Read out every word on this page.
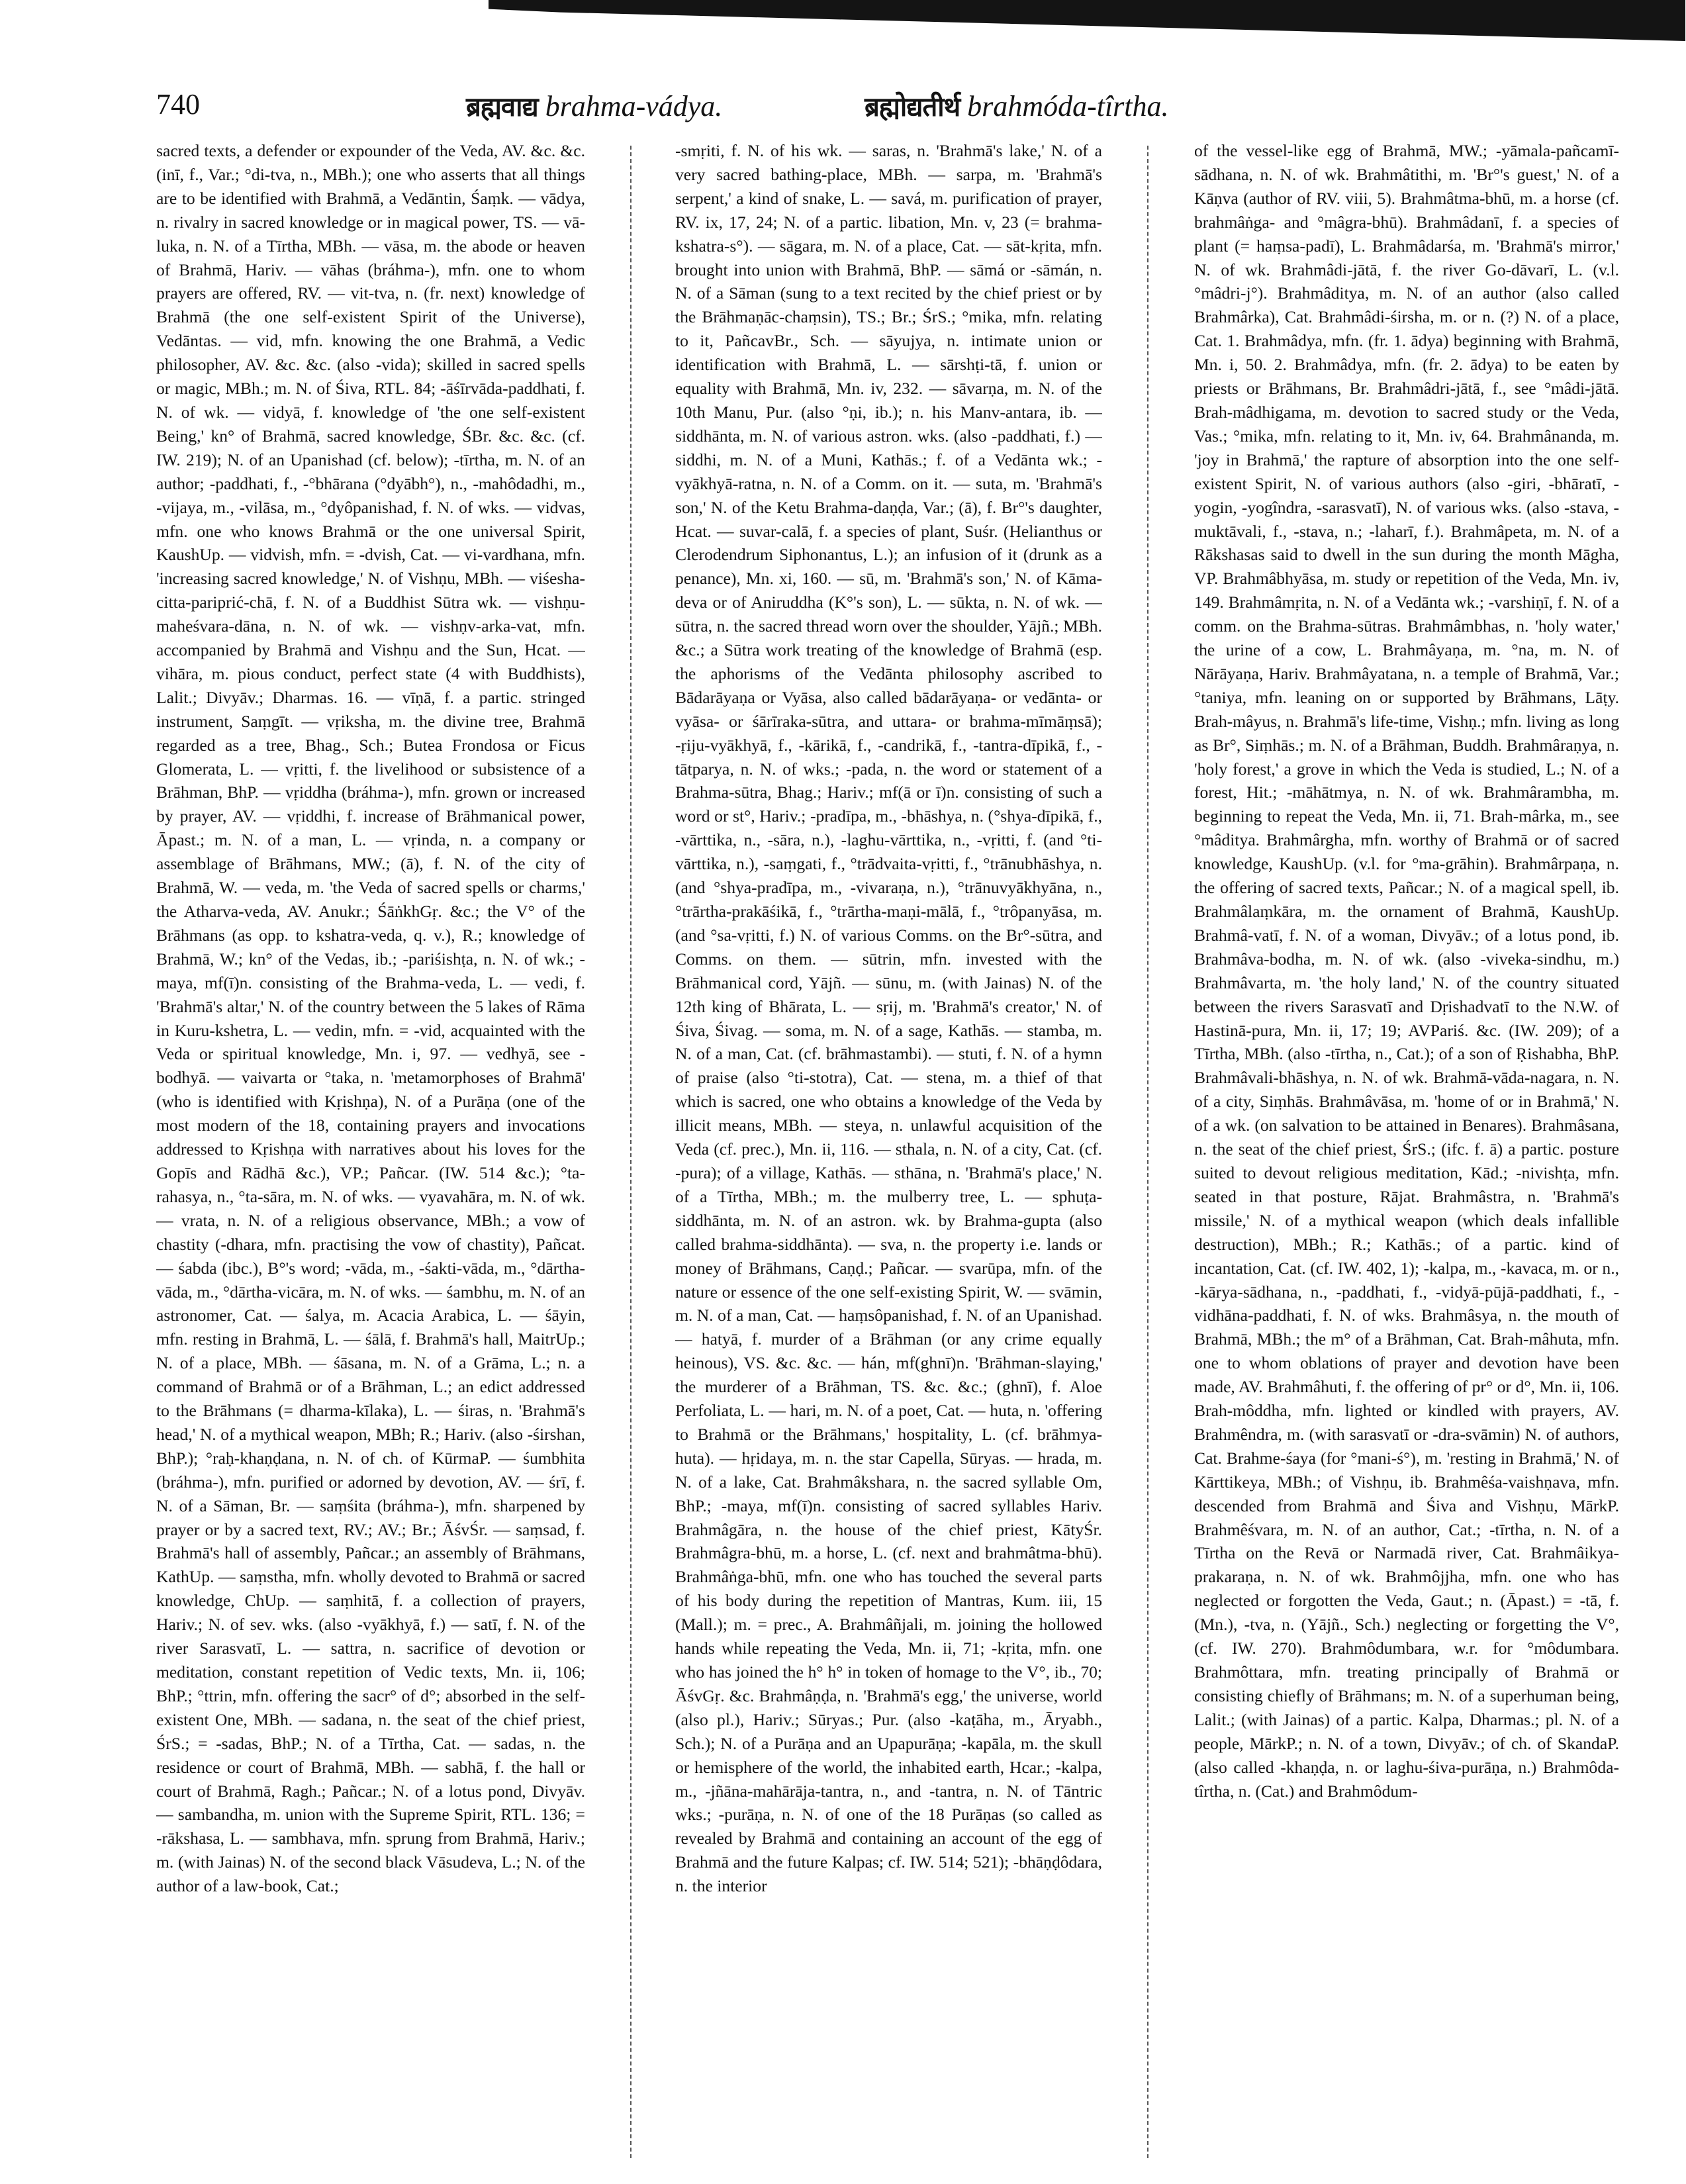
740	ब्रह्मवाद्य brahma-vádya.	ब्रह्मोद्यतीर्थ brahmóda-tîrtha.
sacred texts, a defender or expounder of the Veda, AV. &c. &c. (inī, f., Var.; °di-tva, n., MBh.); one who asserts that all things are to be identified with Brahmā, a Vedāntin, Śaṃk. — vādya, n. rivalry in sacred knowledge or in magical power, TS. — vā-luka, n. N. of a Tīrtha, MBh. — vāsa, m. the abode or heaven of Brahmā, Hariv. — vāhas (bráhma-), mfn. one to whom prayers are offered, RV. — vit-tva, n. (fr. next) knowledge of Brahmā (the one self-existent Spirit of the Universe), Vedāntas. — vid, mfn. knowing the one Brahmā, a Vedic philosopher, AV. &c. &c. (also -vida); skilled in sacred spells or magic, MBh.; m. N. of Śiva, RTL. 84; -āśīrvāda-paddhati, f. N. of wk. — vidyā, f. knowledge of 'the one self-existent Being,' kn° of Brahmā, sacred knowledge, ŚBr. &c. &c. (cf. IW. 219); N. of an Upanishad (cf. below); -tīrtha, m. N. of an author; -paddhati, f., -°bhārana (°dyābh°), n., -mahôdadhi, m., -vijaya, m., -vilāsa, m., °dyôpanishad, f. N. of wks. — vidvas, mfn. one who knows Brahmā or the one universal Spirit, KaushUp. — vidvish, mfn. = -dvish, Cat. — vi-vardhana, mfn. 'increasing sacred knowledge,' N. of Vishṇu, MBh. — viśesha-citta-pariprić-chā, f. N. of a Buddhist Sūtra wk. — vishṇu-maheśvara-dāna, n. N. of wk. — vishṇv-arka-vat, mfn. accompanied by Brahmā and Vishṇu and the Sun, Hcat. — vihāra, m. pious conduct, perfect state (4 with Buddhists), Lalit.; Divyāv.; Dharmas. 16. — vīṇā, f. a partic. stringed instrument, Saṃgīt. — vṛiksha, m. the divine tree, Brahmā regarded as a tree, Bhag., Sch.; Butea Frondosa or Ficus Glomerata, L. — vṛitti, f. the livelihood or subsistence of a Brāhman, BhP. — vṛiddha (bráhma-), mfn. grown or increased by prayer, AV. — vṛiddhi, f. increase of Brāhmanical power, Āpast.; m. N. of a man, L. — vṛinda, n. a company or assemblage of Brāhmans, MW.; (ā), f. N. of the city of Brahmā, W. — veda, m. 'the Veda of sacred spells or charms,' the Atharva-veda, AV. Anukr.; ŚāṅkhGṛ. &c.; the V° of the Brāhmans (as opp. to kshatra-veda, q. v.), R.; knowledge of Brahmā, W.; kn° of the Vedas, ib.; -pariśishṭa, n. N. of wk.; -maya, mf(ī)n. consisting of the Brahma-veda, L. — vedi, f. 'Brahmā's altar,' N. of the country between the 5 lakes of Rāma in Kuru-kshetra, L. — vedin, mfn. = -vid, acquainted with the Veda or spiritual knowledge, Mn. i, 97. — vedhyā, see -bodhyā. — vaivarta or °taka, n. 'metamorphoses of Brahmā' (who is identified with Kṛishṇa), N. of a Purāṇa (one of the most modern of the 18, containing prayers and invocations addressed to Kṛishṇa with narratives about his loves for the Gopīs and Rādhā &c.), VP.; Pañcar. (IW. 514 &c.); °ta-rahasya, n., °ta-sāra, m. N. of wks. — vyavahāra, m. N. of wk. — vrata, n. N. of a religious observance, MBh.; a vow of chastity (-dhara, mfn. practising the vow of chastity), Pañcat. — śabda (ibc.), B°'s word; -vāda, m., -śakti-vāda, m., °dārtha-vāda, m., °dārtha-vicāra, m. N. of wks. — śambhu, m. N. of an astronomer, Cat. — śalya, m. Acacia Arabica, L. — śāyin, mfn. resting in Brahmā, L. — śālā, f. Brahmā's hall, MaitrUp.; N. of a place, MBh. — śāsana, m. N. of a Grāma, L.; n. a command of Brahmā or of a Brāhman, L.; an edict addressed to the Brāhmans (= dharma-kīlaka), L. — śiras, n. 'Brahmā's head,' N. of a mythical weapon, MBh; R.; Hariv. (also -śirshan, BhP.); °raḥ-khaṇḍana, n. N. of ch. of KūrmaP. — śumbhita (bráhma-), mfn. purified or adorned by devotion, AV. — śrī, f. N. of a Sāman, Br. — saṃśita (bráhma-), mfn. sharpened by prayer or by a sacred text, RV.; AV.; Br.; ĀśvŚr. — saṃsad, f. Brahmā's hall of assembly, Pañcar.; an assembly of Brāhmans, KathUp. — saṃstha, mfn. wholly devoted to Brahmā or sacred knowledge, ChUp. — saṃhitā, f. a collection of prayers, Hariv.; N. of sev. wks. (also -vyākhyā, f.) — satī, f. N. of the river Sarasvatī, L. — sattra, n. sacrifice of devotion or meditation, constant repetition of Vedic texts, Mn. ii, 106; BhP.; °ttrin, mfn. offering the sacr° of d°; absorbed in the self-existent One, MBh. — sadana, n. the seat of the chief priest, ŚrS.; = -sadas, BhP.; N. of a Tīrtha, Cat. — sadas, n. the residence or court of Brahmā, MBh. — sabhā, f. the hall or court of Brahmā, Ragh.; Pañcar.; N. of a lotus pond, Divyāv. — sambandha, m. union with the Supreme Spirit, RTL. 136; = -rākshasa, L. — sambhava, mfn. sprung from Brahmā, Hariv.; m. (with Jainas) N. of the second black Vāsudeva, L.; N. of the author of a law-book, Cat.;
-smṛiti, f. N. of his wk. — saras, n. 'Brahmā's lake,' N. of a very sacred bathing-place, MBh. — sarpa, m. 'Brahmā's serpent,' a kind of snake, L. — savá, m. purification of prayer, RV. ix, 17, 24; N. of a partic. libation, Mn. v, 23 (= brahma-kshatra-s°). — sāgara, m. N. of a place, Cat. — sāt-kṛita, mfn. brought into union with Brahmā, BhP. — sāmá or -sāmán, n. N. of a Sāman (sung to a text recited by the chief priest or by the Brāhmaṇāc-chaṃsin), TS.; Br.; ŚrS.; °mika, mfn. relating to it, PañcavBr., Sch. — sāyujya, n. intimate union or identification with Brahmā, L. — sārshṭi-tā, f. union or equality with Brahmā, Mn. iv, 232. — sāvarṇa, m. N. of the 10th Manu, Pur. (also °ṇi, ib.); n. his Manv-antara, ib. — siddhānta, m. N. of various astron. wks. (also -paddhati, f.) — siddhi, m. N. of a Muni, Kathās.; f. of a Vedānta wk.; -vyākhyā-ratna, n. N. of a Comm. on it. — suta, m. 'Brahmā's son,' N. of the Ketu Brahma-daṇḍa, Var.; (ā), f. Br°'s daughter, Hcat. — suvar-calā, f. a species of plant, Suśr. (Helianthus or Clerodendrum Siphonantus, L.); an infusion of it (drunk as a penance), Mn. xi, 160. — sū, m. 'Brahmā's son,' N. of Kāma-deva or of Aniruddha (K°'s son), L. — sūkta, n. N. of wk. — sūtra, n. the sacred thread worn over the shoulder, Yājñ.; MBh. &c.; a Sūtra work treating of the knowledge of Brahmā (esp. the aphorisms of the Vedānta philosophy ascribed to Bādarāyaṇa or Vyāsa, also called bādarāyaṇa- or vedānta- or vyāsa- or śārīraka-sūtra, and uttara- or brahma-mīmāṃsā); -ṛiju-vyākhyā, f., -kārikā, f., -candrikā, f., -tantra-dīpikā, f., -tātparya, n. N. of wks.; -pada, n. the word or statement of a Brahma-sūtra, Bhag.; Hariv.; mf(ā or ī)n. consisting of such a word or st°, Hariv.; -pradīpa, m., -bhāshya, n. (°shya-dīpikā, f., -vārttika, n., -sāra, n.), -laghu-vārttika, n., -vṛitti, f. (and °ti-vārttika, n.), -saṃgati, f., °trādvaita-vṛitti, f., °trānubhāshya, n. (and °shya-pradīpa, m., -vivaraṇa, n.), °trānuvyākhyāna, n., °trārtha-prakāśikā, f., °trārtha-maṇi-mālā, f., °trôpanyāsa, m. (and °sa-vṛitti, f.) N. of various Comms. on the Br°-sūtra, and Comms. on them. — sūtrin, mfn. invested with the Brāhmanical cord, Yājñ. — sūnu, m. (with Jainas) N. of the 12th king of Bhārata, L. — sṛij, m. 'Brahmā's creator,' N. of Śiva, Śivag. — soma, m. N. of a sage, Kathās. — stamba, m. N. of a man, Cat. (cf. brāhmastambi). — stuti, f. N. of a hymn of praise (also °ti-stotra), Cat. — stena, m. a thief of that which is sacred, one who obtains a knowledge of the Veda by illicit means, MBh. — steya, n. unlawful acquisition of the Veda (cf. prec.), Mn. ii, 116. — sthala, n. N. of a city, Cat. (cf. -pura); of a village, Kathās. — sthāna, n. 'Brahmā's place,' N. of a Tīrtha, MBh.; m. the mulberry tree, L. — sphuṭa-siddhānta, m. N. of an astron. wk. by Brahma-gupta (also called brahma-siddhānta). — sva, n. the property i.e. lands or money of Brāhmans, Caṇḍ.; Pañcar. — svarūpa, mfn. of the nature or essence of the one self-existing Spirit, W. — svāmin, m. N. of a man, Cat. — haṃsôpanishad, f. N. of an Upanishad. — hatyā, f. murder of a Brāhman (or any crime equally heinous), VS. &c. &c. — hán, mf(ghnī)n. 'Brāhman-slaying,' the murderer of a Brāhman, TS. &c. &c.; (ghnī), f. Aloe Perfoliata, L. — hari, m. N. of a poet, Cat. — huta, n. 'offering to Brahmā or the Brāhmans,' hospitality, L. (cf. brāhmya-huta). — hṛidaya, m. n. the star Capella, Sūryas. — hrada, m. N. of a lake, Cat. Brahmâkshara, n. the sacred syllable Om, BhP.; -maya, mf(ī)n. consisting of sacred syllables Hariv. Brahmâgāra, n. the house of the chief priest, KātyŚr. Brahmâgra-bhū, m. a horse, L. (cf. next and brahmâtma-bhū). Brahmâṅga-bhū, mfn. one who has touched the several parts of his body during the repetition of Mantras, Kum. iii, 15 (Mall.); m. = prec., A. Brahmâñjali, m. joining the hollowed hands while repeating the Veda, Mn. ii, 71; -kṛita, mfn. one who has joined the h° h° in token of homage to the V°, ib., 70; ĀśvGṛ. &c. Brahmâṇḍa, n. 'Brahmā's egg,' the universe, world (also pl.), Hariv.; Sūryas.; Pur. (also -kaṭāha, m., Āryabh., Sch.); N. of a Purāṇa and an Upapurāṇa; -kapāla, m. the skull or hemisphere of the world, the inhabited earth, Hcar.; -kalpa, m., -jñāna-mahārāja-tantra, n., and -tantra, n. N. of Tāntric wks.; -purāṇa, n. N. of one of the 18 Purāṇas (so called as revealed by Brahmā and containing an account of the egg of Brahmā and the future Kalpas; cf. IW. 514; 521); -bhāṇḍôdara, n. the interior
of the vessel-like egg of Brahmā, MW.; -yāmala-pañcamī-sādhana, n. N. of wk. Brahmâtithi, m. 'Br°'s guest,' N. of a Kāṇva (author of RV. viii, 5). Brahmâtma-bhū, m. a horse (cf. brahmâṅga- and °mâgra-bhū). Brahmâdanī, f. a species of plant (= haṃsa-padī), L. Brahmâdarśa, m. 'Brahmā's mirror,' N. of wk. Brahmâdi-jātā, f. the river Go-dāvarī, L. (v.l. °mâdri-j°). Brahmâditya, m. N. of an author (also called Brahmârka), Cat. Brahmâdi-śirsha, m. or n. (?) N. of a place, Cat. 1. Brahmâdya, mfn. (fr. 1. ādya) beginning with Brahmā, Mn. i, 50. 2. Brahmâdya, mfn. (fr. 2. ādya) to be eaten by priests or Brāhmans, Br. Brahmâdri-jātā, f., see °mâdi-jātā. Brah-mâdhigama, m. devotion to sacred study or the Veda, Vas.; °mika, mfn. relating to it, Mn. iv, 64. Brahmânanda, m. 'joy in Brahmā,' the rapture of absorption into the one self-existent Spirit, N. of various authors (also -giri, -bhāratī, -yogin, -yogîndra, -sarasvatī), N. of various wks. (also -stava, -muktāvali, f., -stava, n.; -laharī, f.). Brahmâpeta, m. N. of a Rākshasas said to dwell in the sun during the month Māgha, VP. Brahmâbhyāsa, m. study or repetition of the Veda, Mn. iv, 149. Brahmâmṛita, n. N. of a Vedānta wk.; -varshiṇī, f. N. of a comm. on the Brahma-sūtras. Brahmâmbhas, n. 'holy water,' the urine of a cow, L. Brahmâyaṇa, m. °na, m. N. of Nārāyaṇa, Hariv. Brahmâyatana, n. a temple of Brahmā, Var.; °taniya, mfn. leaning on or supported by Brāhmans, Lāṭy. Brah-mâyus, n. Brahmā's life-time, Vishṇ.; mfn. living as long as Br°, Siṃhās.; m. N. of a Brāhman, Buddh. Brahmâraṇya, n. 'holy forest,' a grove in which the Veda is studied, L.; N. of a forest, Hit.; -māhātmya, n. N. of wk. Brahmârambha, m. beginning to repeat the Veda, Mn. ii, 71. Brah-mârka, m., see °mâditya. Brahmârgha, mfn. worthy of Brahmā or of sacred knowledge, KaushUp. (v.l. for °ma-grāhin). Brahmârpaṇa, n. the offering of sacred texts, Pañcar.; N. of a magical spell, ib. Brahmâlaṃkāra, m. the ornament of Brahmā, KaushUp. Brahmâ-vatī, f. N. of a woman, Divyāv.; of a lotus pond, ib. Brahmâva-bodha, m. N. of wk. (also -viveka-sindhu, m.) Brahmâvarta, m. 'the holy land,' N. of the country situated between the rivers Sarasvatī and Dṛishadvatī to the N.W. of Hastinā-pura, Mn. ii, 17; 19; AVPariś. &c. (IW. 209); of a Tīrtha, MBh. (also -tīrtha, n., Cat.); of a son of Ṛishabha, BhP. Brahmâvali-bhāshya, n. N. of wk. Brahmā-vāda-nagara, n. N. of a city, Siṃhās. Brahmâvāsa, m. 'home of or in Brahmā,' N. of a wk. (on salvation to be attained in Benares). Brahmâsana, n. the seat of the chief priest, ŚrS.; (ifc. f. ā) a partic. posture suited to devout religious meditation, Kād.; -nivishṭa, mfn. seated in that posture, Rājat. Brahmâstra, n. 'Brahmā's missile,' N. of a mythical weapon (which deals infallible destruction), MBh.; R.; Kathās.; of a partic. kind of incantation, Cat. (cf. IW. 402, 1); -kalpa, m., -kavaca, m. or n., -kārya-sādhana, n., -paddhati, f., -vidyā-pūjā-paddhati, f., -vidhāna-paddhati, f. N. of wks. Brahmâsya, n. the mouth of Brahmā, MBh.; the m° of a Brāhman, Cat. Brah-mâhuta, mfn. one to whom oblations of prayer and devotion have been made, AV. Brahmâhuti, f. the offering of pr° or d°, Mn. ii, 106. Brah-môddha, mfn. lighted or kindled with prayers, AV. Brahmêndra, m. (with sarasvatī or -dra-svāmin) N. of authors, Cat. Brahme-śaya (for °mani-ś°), m. 'resting in Brahmā,' N. of Kārttikeya, MBh.; of Vishṇu, ib. Brahmêśa-vaishṇava, mfn. descended from Brahmā and Śiva and Vishṇu, MārkP. Brahmêśvara, m. N. of an author, Cat.; -tīrtha, n. N. of a Tīrtha on the Revā or Narmadā river, Cat. Brahmâikya-prakaraṇa, n. N. of wk. Brahmôjjha, mfn. one who has neglected or forgotten the Veda, Gaut.; n. (Āpast.) = -tā, f. (Mn.), -tva, n. (Yājñ., Sch.) neglecting or forgetting the V°, (cf. IW. 270). Brahmôdumbara, w.r. for °môdumbara. Brahmôttara, mfn. treating principally of Brahmā or consisting chiefly of Brāhmans; m. N. of a superhuman being, Lalit.; (with Jainas) of a partic. Kalpa, Dharmas.; pl. N. of a people, MārkP.; n. N. of a town, Divyāv.; of ch. of SkandaP. (also called -khaṇḍa, n. or laghu-śiva-purāṇa, n.) Brahmôda-tîrtha, n. (Cat.) and Brahmôdum-
